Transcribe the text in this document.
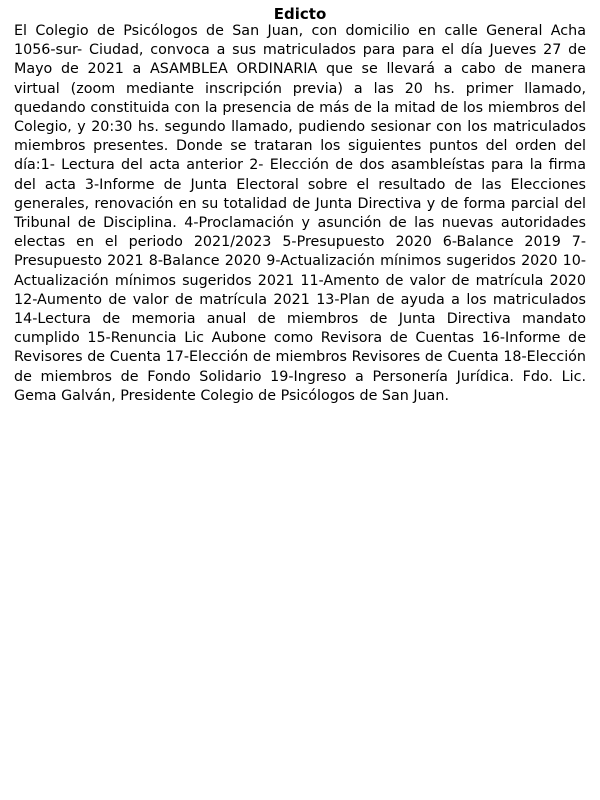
Edicto

El Colegio de Psicólogos de San Juan, con domicilio en calle General Acha 1056-sur- Ciudad, convoca a sus matriculados para para el día Jueves 27 de Mayo de 2021 a ASAMBLEA ORDINARIA que se llevará a cabo de manera virtual (zoom mediante inscripción previa) a las 20 hs. primer llamado, quedando constituida con la presencia de más de la mitad de los miembros del Colegio, y 20:30 hs. segundo llamado, pudiendo sesionar con los matriculados miembros presentes. Donde se trataran los siguientes puntos del orden del día:1- Lectura del acta anterior 2- Elección de dos asambleístas para la firma del acta 3-Informe de Junta Electoral sobre el resultado de las Elecciones generales, renovación en su totalidad de Junta Directiva y de forma parcial del Tribunal de Disciplina. 4-Proclamación y asunción de las nuevas autoridades electas en el periodo 2021/2023 5-Presupuesto 2020 6-Balance 2019 7-Presupuesto 2021 8-Balance 2020 9-Actualización mínimos sugeridos 2020 10-Actualización mínimos sugeridos 2021 11-Amento de valor de matrícula 2020 12-Aumento de valor de matrícula 2021 13-Plan de ayuda a los matriculados 14-Lectura de memoria anual de miembros de Junta Directiva mandato cumplido 15-Renuncia Lic Aubone como Revisora de Cuentas 16-Informe de Revisores de Cuenta 17-Elección de miembros Revisores de Cuenta 18-Elección de miembros de Fondo Solidario 19-Ingreso a Personería Jurídica. Fdo. Lic. Gema Galván, Presidente Colegio de Psicólogos de San Juan.
